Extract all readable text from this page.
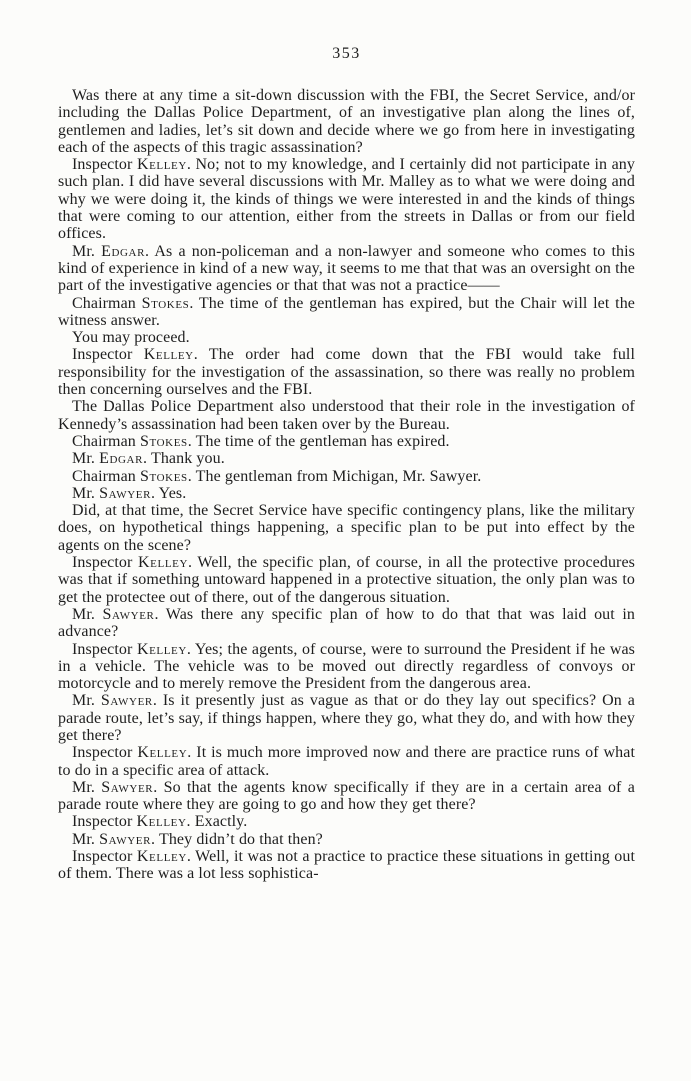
353

Was there at any time a sit-down discussion with the FBI, the Secret Service, and/or including the Dallas Police Department, of an investigative plan along the lines of, gentlemen and ladies, let’s sit down and decide where we go from here in investigating each of the aspects of this tragic assassination?

Inspector Kelley. No; not to my knowledge, and I certainly did not participate in any such plan. I did have several discussions with Mr. Malley as to what we were doing and why we were doing it, the kinds of things we were interested in and the kinds of things that were coming to our attention, either from the streets in Dallas or from our field offices.

Mr. Edgar. As a non-policeman and a non-lawyer and someone who comes to this kind of experience in kind of a new way, it seems to me that that was an oversight on the part of the investigative agencies or that that was not a practice——

Chairman Stokes. The time of the gentleman has expired, but the Chair will let the witness answer.

You may proceed.

Inspector Kelley. The order had come down that the FBI would take full responsibility for the investigation of the assassination, so there was really no problem then concerning ourselves and the FBI.

The Dallas Police Department also understood that their role in the investigation of Kennedy’s assassination had been taken over by the Bureau.

Chairman Stokes. The time of the gentleman has expired.

Mr. Edgar. Thank you.

Chairman Stokes. The gentleman from Michigan, Mr. Sawyer.

Mr. Sawyer. Yes.

Did, at that time, the Secret Service have specific contingency plans, like the military does, on hypothetical things happening, a specific plan to be put into effect by the agents on the scene?

Inspector Kelley. Well, the specific plan, of course, in all the protective procedures was that if something untoward happened in a protective situation, the only plan was to get the protectee out of there, out of the dangerous situation.

Mr. Sawyer. Was there any specific plan of how to do that that was laid out in advance?

Inspector Kelley. Yes; the agents, of course, were to surround the President if he was in a vehicle. The vehicle was to be moved out directly regardless of convoys or motorcycle and to merely remove the President from the dangerous area.

Mr. Sawyer. Is it presently just as vague as that or do they lay out specifics? On a parade route, let’s say, if things happen, where they go, what they do, and with how they get there?

Inspector Kelley. It is much more improved now and there are practice runs of what to do in a specific area of attack.

Mr. Sawyer. So that the agents know specifically if they are in a certain area of a parade route where they are going to go and how they get there?

Inspector Kelley. Exactly.

Mr. Sawyer. They didn’t do that then?

Inspector Kelley. Well, it was not a practice to practice these situations in getting out of them. There was a lot less sophistica-
